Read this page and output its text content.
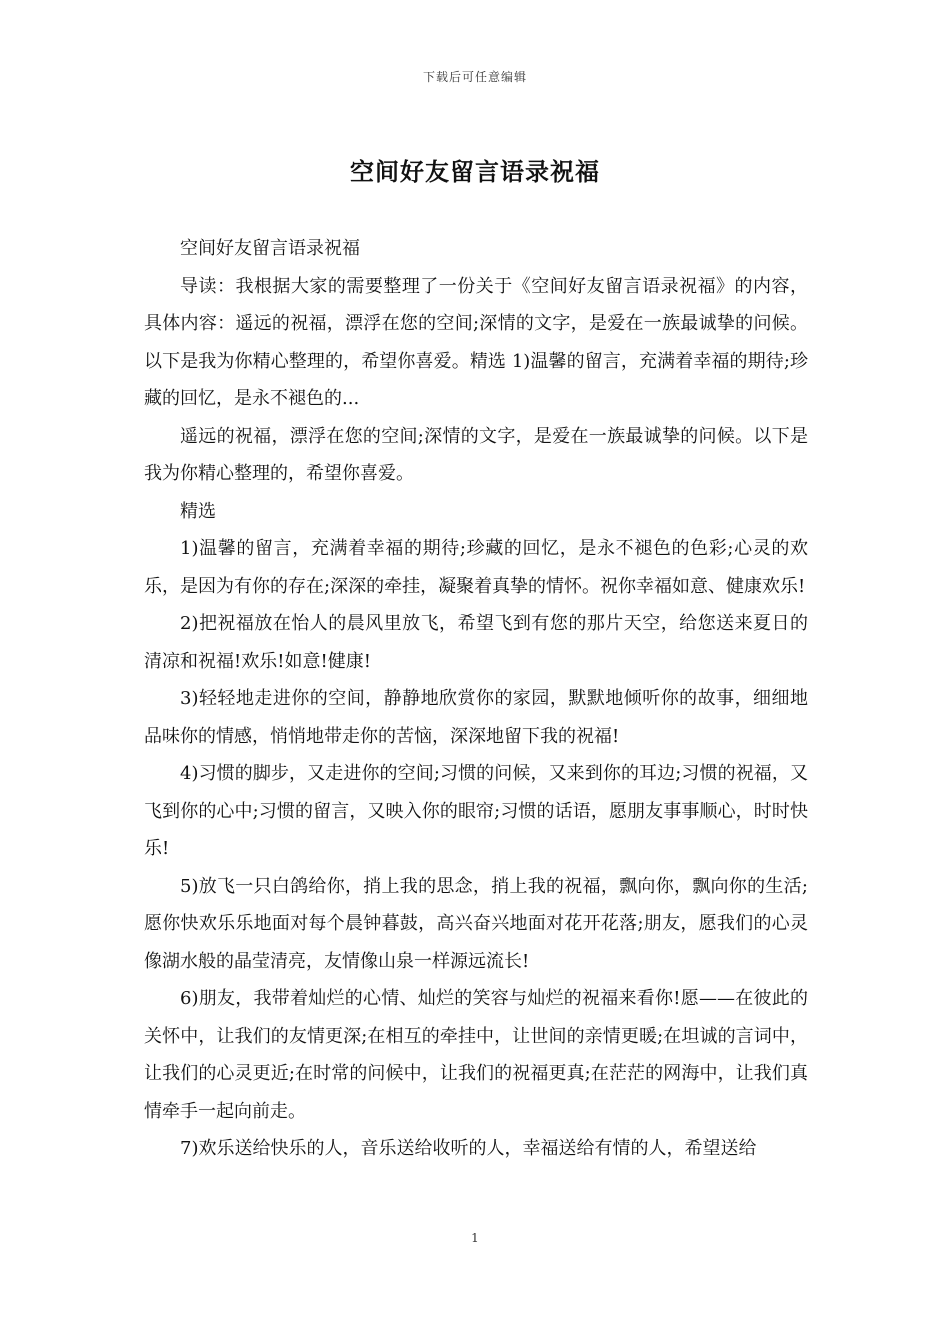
下载后可任意编辑
空间好友留言语录祝福

空间好友留言语录祝福

导读：我根据大家的需要整理了一份关于《空间好友留言语录祝福》的内容，具体内容：遥远的祝福，漂浮在您的空间;深情的文字，是爱在一族最诚挚的问候。以下是我为你精心整理的，希望你喜爱。精选 1)温馨的留言，充满着幸福的期待;珍藏的回忆，是永不褪色的...

遥远的祝福，漂浮在您的空间;深情的文字，是爱在一族最诚挚的问候。以下是我为你精心整理的，希望你喜爱。

精选

1)温馨的留言，充满着幸福的期待;珍藏的回忆，是永不褪色的色彩;心灵的欢乐，是因为有你的存在;深深的牵挂，凝聚着真挚的情怀。祝你幸福如意、健康欢乐!

2)把祝福放在怡人的晨风里放飞，希望飞到有您的那片天空，给您送来夏日的清凉和祝福!欢乐!如意!健康!

3)轻轻地走进你的空间，静静地欣赏你的家园，默默地倾听你的故事，细细地品味你的情感，悄悄地带走你的苦恼，深深地留下我的祝福!

4)习惯的脚步，又走进你的空间;习惯的问候，又来到你的耳边;习惯的祝福，又飞到你的心中;习惯的留言，又映入你的眼帘;习惯的话语，愿朋友事事顺心，时时快乐!

5)放飞一只白鸽给你，捎上我的思念，捎上我的祝福，飘向你，飘向你的生活;愿你快欢乐乐地面对每个晨钟暮鼓，高兴奋兴地面对花开花落;朋友，愿我们的心灵像湖水般的晶莹清亮，友情像山泉一样源远流长!

6)朋友，我带着灿烂的心情、灿烂的笑容与灿烂的祝福来看你!愿——在彼此的关怀中，让我们的友情更深;在相互的牵挂中，让世间的亲情更暖;在坦诚的言词中，让我们的心灵更近;在时常的问候中，让我们的祝福更真;在茫茫的网海中，让我们真情牵手一起向前走。

7)欢乐送给快乐的人，音乐送给收听的人，幸福送给有情的人，希望送给

1
